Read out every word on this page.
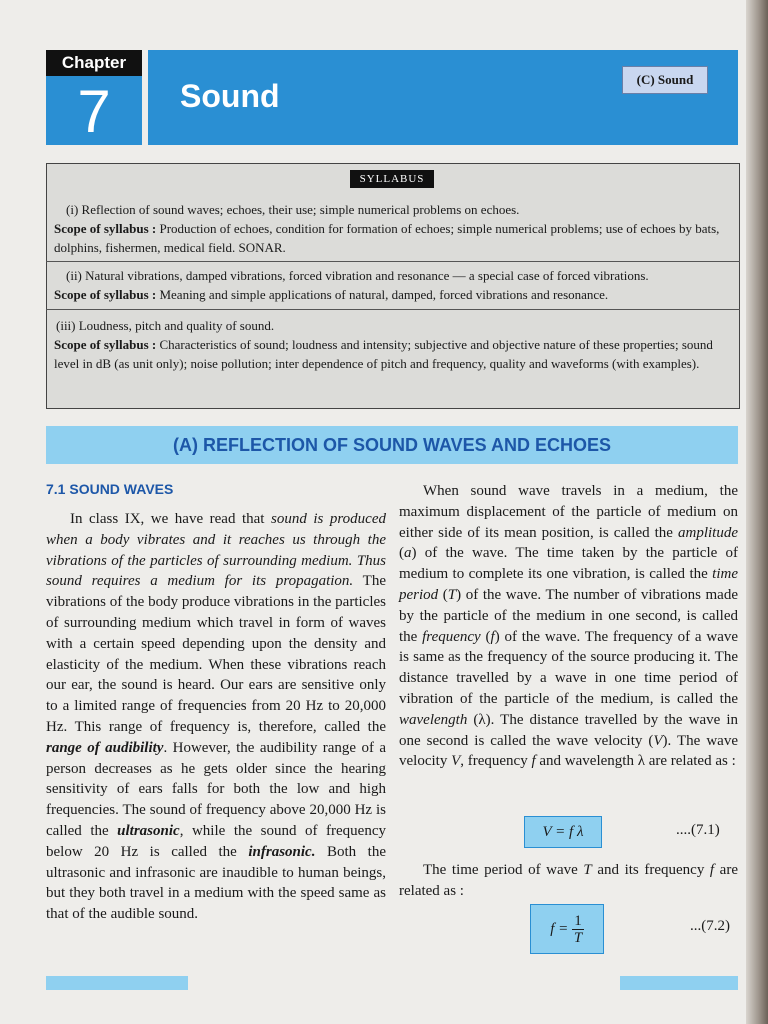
Chapter
7	Sound	(C) Sound
SYLLABUS
(i) Reflection of sound waves; echoes, their use; simple numerical problems on echoes.
Scope of syllabus : Production of echoes, condition for formation of echoes; simple numerical problems; use of echoes by bats, dolphins, fishermen, medical field. SONAR.
(ii) Natural vibrations, damped vibrations, forced vibration and resonance — a special case of forced vibrations.
Scope of syllabus : Meaning and simple applications of natural, damped, forced vibrations and resonance.
(iii) Loudness, pitch and quality of sound.
Scope of syllabus : Characteristics of sound; loudness and intensity; subjective and objective nature of these properties; sound level in dB (as unit only); noise pollution; inter dependence of pitch and frequency, quality and waveforms (with examples).
(A) REFLECTION OF SOUND WAVES AND ECHOES
7.1 SOUND WAVES

In class IX, we have read that sound is produced when a body vibrates and it reaches us through the vibrations of the particles of surrounding medium. Thus sound requires a medium for its propagation. The vibrations of the body produce vibrations in the particles of surrounding medium which travel in form of waves with a certain speed depending upon the density and elasticity of the medium. When these vibrations reach our ear, the sound is heard. Our ears are sensitive only to a limited range of frequencies from 20 Hz to 20,000 Hz. This range of frequency is, therefore, called the range of audibility. However, the audibility range of a person decreases as he gets older since the hearing sensitivity of ears falls for both the low and high frequencies. The sound of frequency above 20,000 Hz is called the ultrasonic, while the sound of frequency below 20 Hz is called the infrasonic. Both the ultrasonic and infrasonic are inaudible to human beings, but they both travel in a medium with the speed same as that of the audible sound.

When sound wave travels in a medium, the maximum displacement of the particle of medium on either side of its mean position, is called the amplitude (a) of the wave. The time taken by the particle of medium to complete its one vibration, is called the time period (T) of the wave. The number of vibrations made by the particle of the medium in one second, is called the frequency (f) of the wave. The frequency of a wave is same as the frequency of the source producing it. The distance travelled by a wave in one time period of vibration of the particle of the medium, is called the wavelength (λ). The distance travelled by the wave in one second is called the wave velocity (V). The wave velocity V, frequency f and wavelength λ are related as :

V = f λ	....(7.1)

The time period of wave T and its frequency f are related as :

$f = \frac{1}{T}$	...(7.2)
